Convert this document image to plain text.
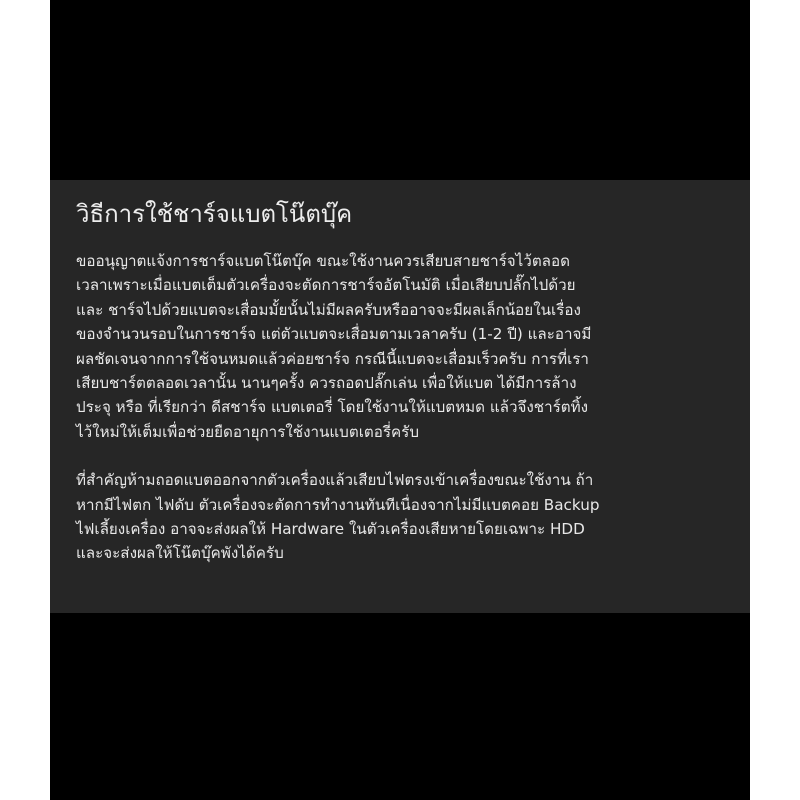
วิธีการใช้ชาร์จแบตโน๊ตบุ๊ค
ขออนุญาตแจ้งการชาร์จแบตโน๊ตบุ๊ค ขณะใช้งานควรเสียบสายชาร์จไว้ตลอด
เวลาเพราะเมื่อแบตเต็มตัวเครื่องจะตัดการชาร์จอัตโนมัติ เมื่อเสียบปลั๊กไปด้วย
และ ชาร์จไปด้วยแบตจะเสื่อมมั้ยนั้นไม่มีผลครับหรืออาจจะมีผลเล็กน้อยในเรื่อง
ของจำนวนรอบในการชาร์จ แต่ตัวแบตจะเสื่อมตามเวลาครับ (1-2 ปี) และอาจมี
ผลชัดเจนจากการใช้จนหมดแล้วค่อยชาร์จ กรณีนี้แบตจะเสื่อมเร็วครับ การที่เรา
เสียบชาร์ตตลอดเวลานั้น นานๆครั้ง ควรถอดปลั๊กเล่น เพื่อให้แบต ได้มีการล้าง
ประจุ หรือ ที่เรียกว่า ดีสชาร์จ แบตเตอรี่ โดยใช้งานให้แบตหมด แล้วจึงชาร์ตทิ้ง
ไว้ใหม่ให้เต็มเพื่อช่วยยืดอายุการใช้งานแบตเตอรี่ครับ
ที่สำคัญห้ามถอดแบตออกจากตัวเครื่องแล้วเสียบไฟตรงเข้าเครื่องขณะใช้งาน ถ้า
หากมีไฟตก ไฟดับ ตัวเครื่องจะตัดการทำงานทันทีเนื่องจากไม่มีแบตคอย Backup
ไฟเลี้ยงเครื่อง อาจจะส่งผลให้ Hardware ในตัวเครื่องเสียหายโดยเฉพาะ HDD
และจะส่งผลให้โน๊ตบุ๊คพังได้ครับ
